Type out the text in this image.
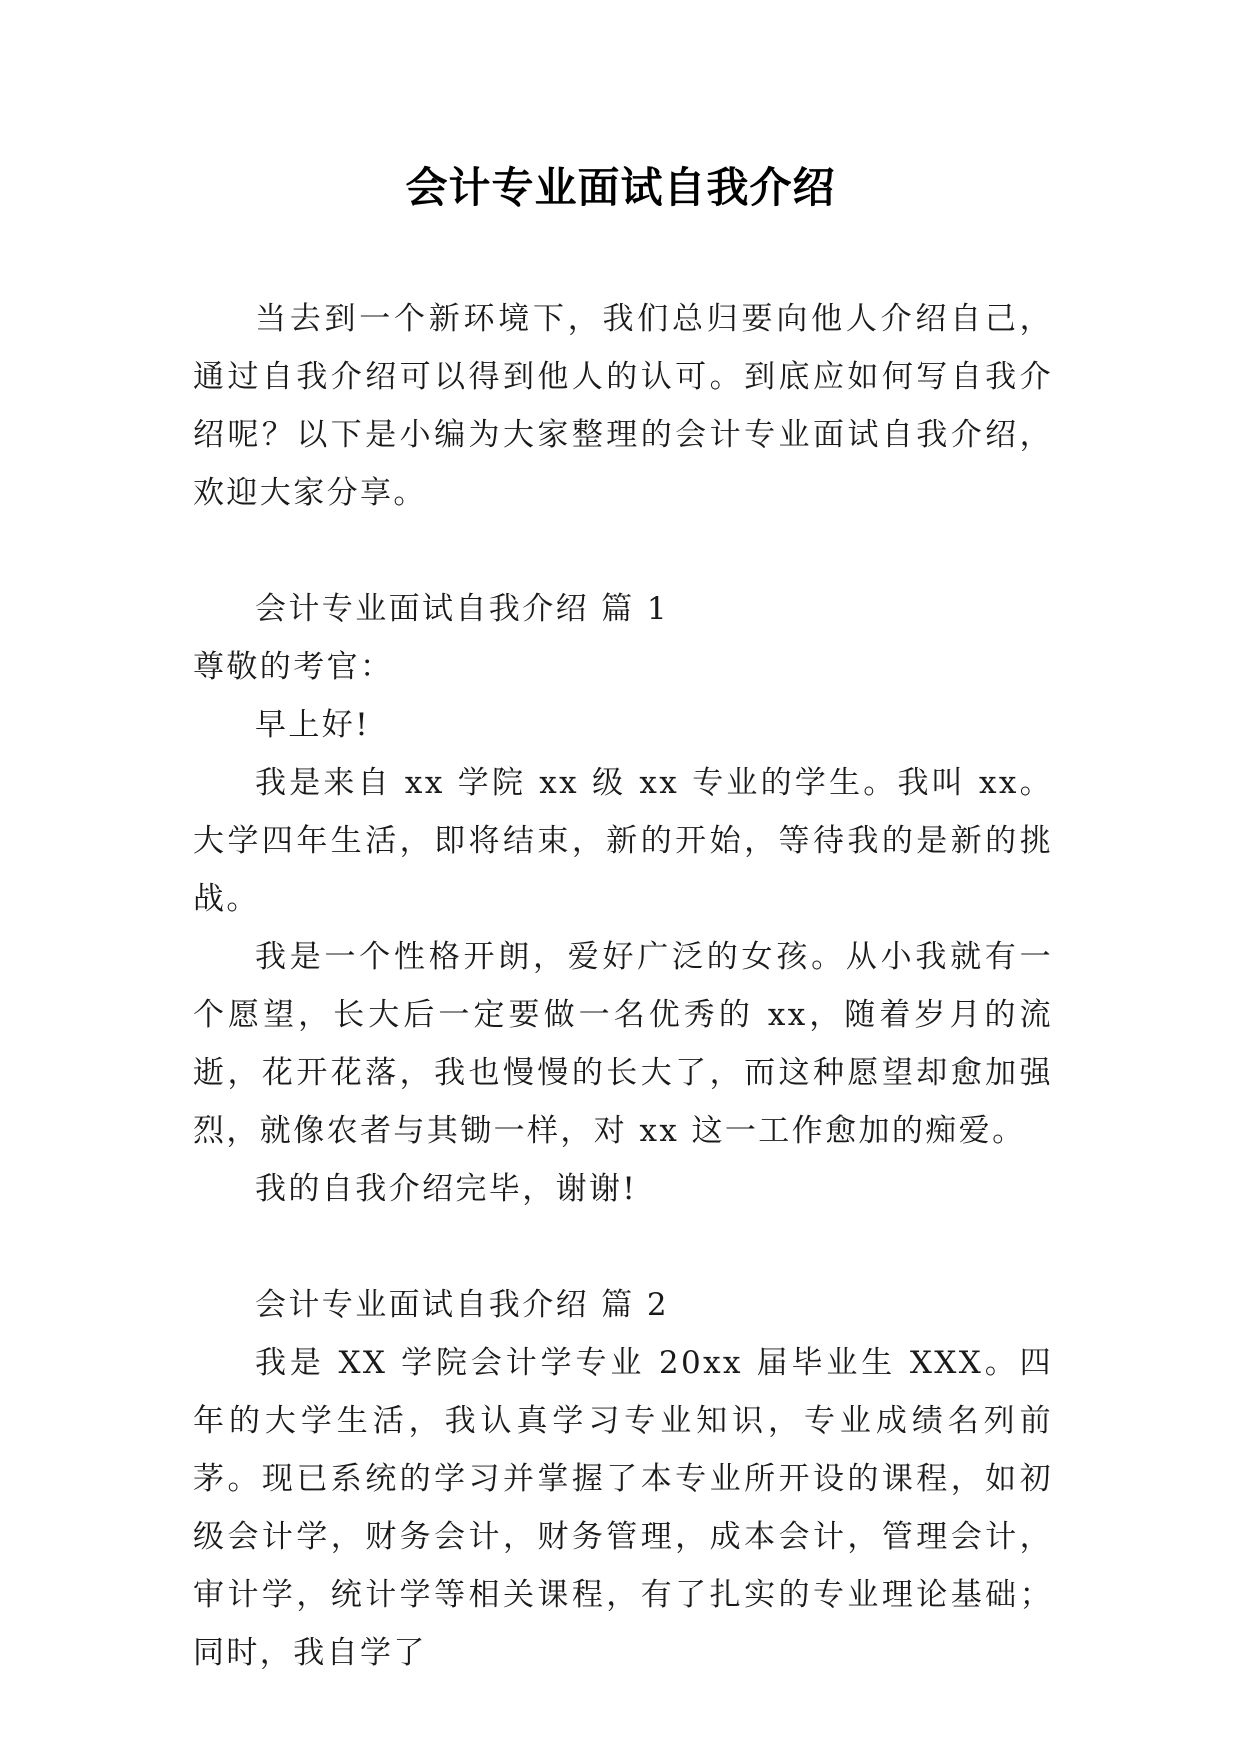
会计专业面试自我介绍

当去到一个新环境下，我们总归要向他人介绍自己，通过自我介绍可以得到他人的认可。到底应如何写自我介绍呢？以下是小编为大家整理的会计专业面试自我介绍，欢迎大家分享。

会计专业面试自我介绍 篇 1

尊敬的考官：

早上好!

我是来自 xx 学院 xx 级 xx 专业的学生。我叫 xx。大学四年生活，即将结束，新的开始，等待我的是新的挑战。

我是一个性格开朗，爱好广泛的女孩。从小我就有一个愿望，长大后一定要做一名优秀的 xx，随着岁月的流逝，花开花落，我也慢慢的长大了，而这种愿望却愈加强烈，就像农者与其锄一样，对 xx 这一工作愈加的痴爱。

我的自我介绍完毕，谢谢!

会计专业面试自我介绍 篇 2

我是 XX 学院会计学专业 20xx 届毕业生 XXX。四年的大学生活，我认真学习专业知识，专业成绩名列前茅。现已系统的学习并掌握了本专业所开设的课程，如初级会计学，财务会计，财务管理，成本会计，管理会计，审计学，统计学等相关课程，有了扎实的专业理论基础；同时，我自学了
